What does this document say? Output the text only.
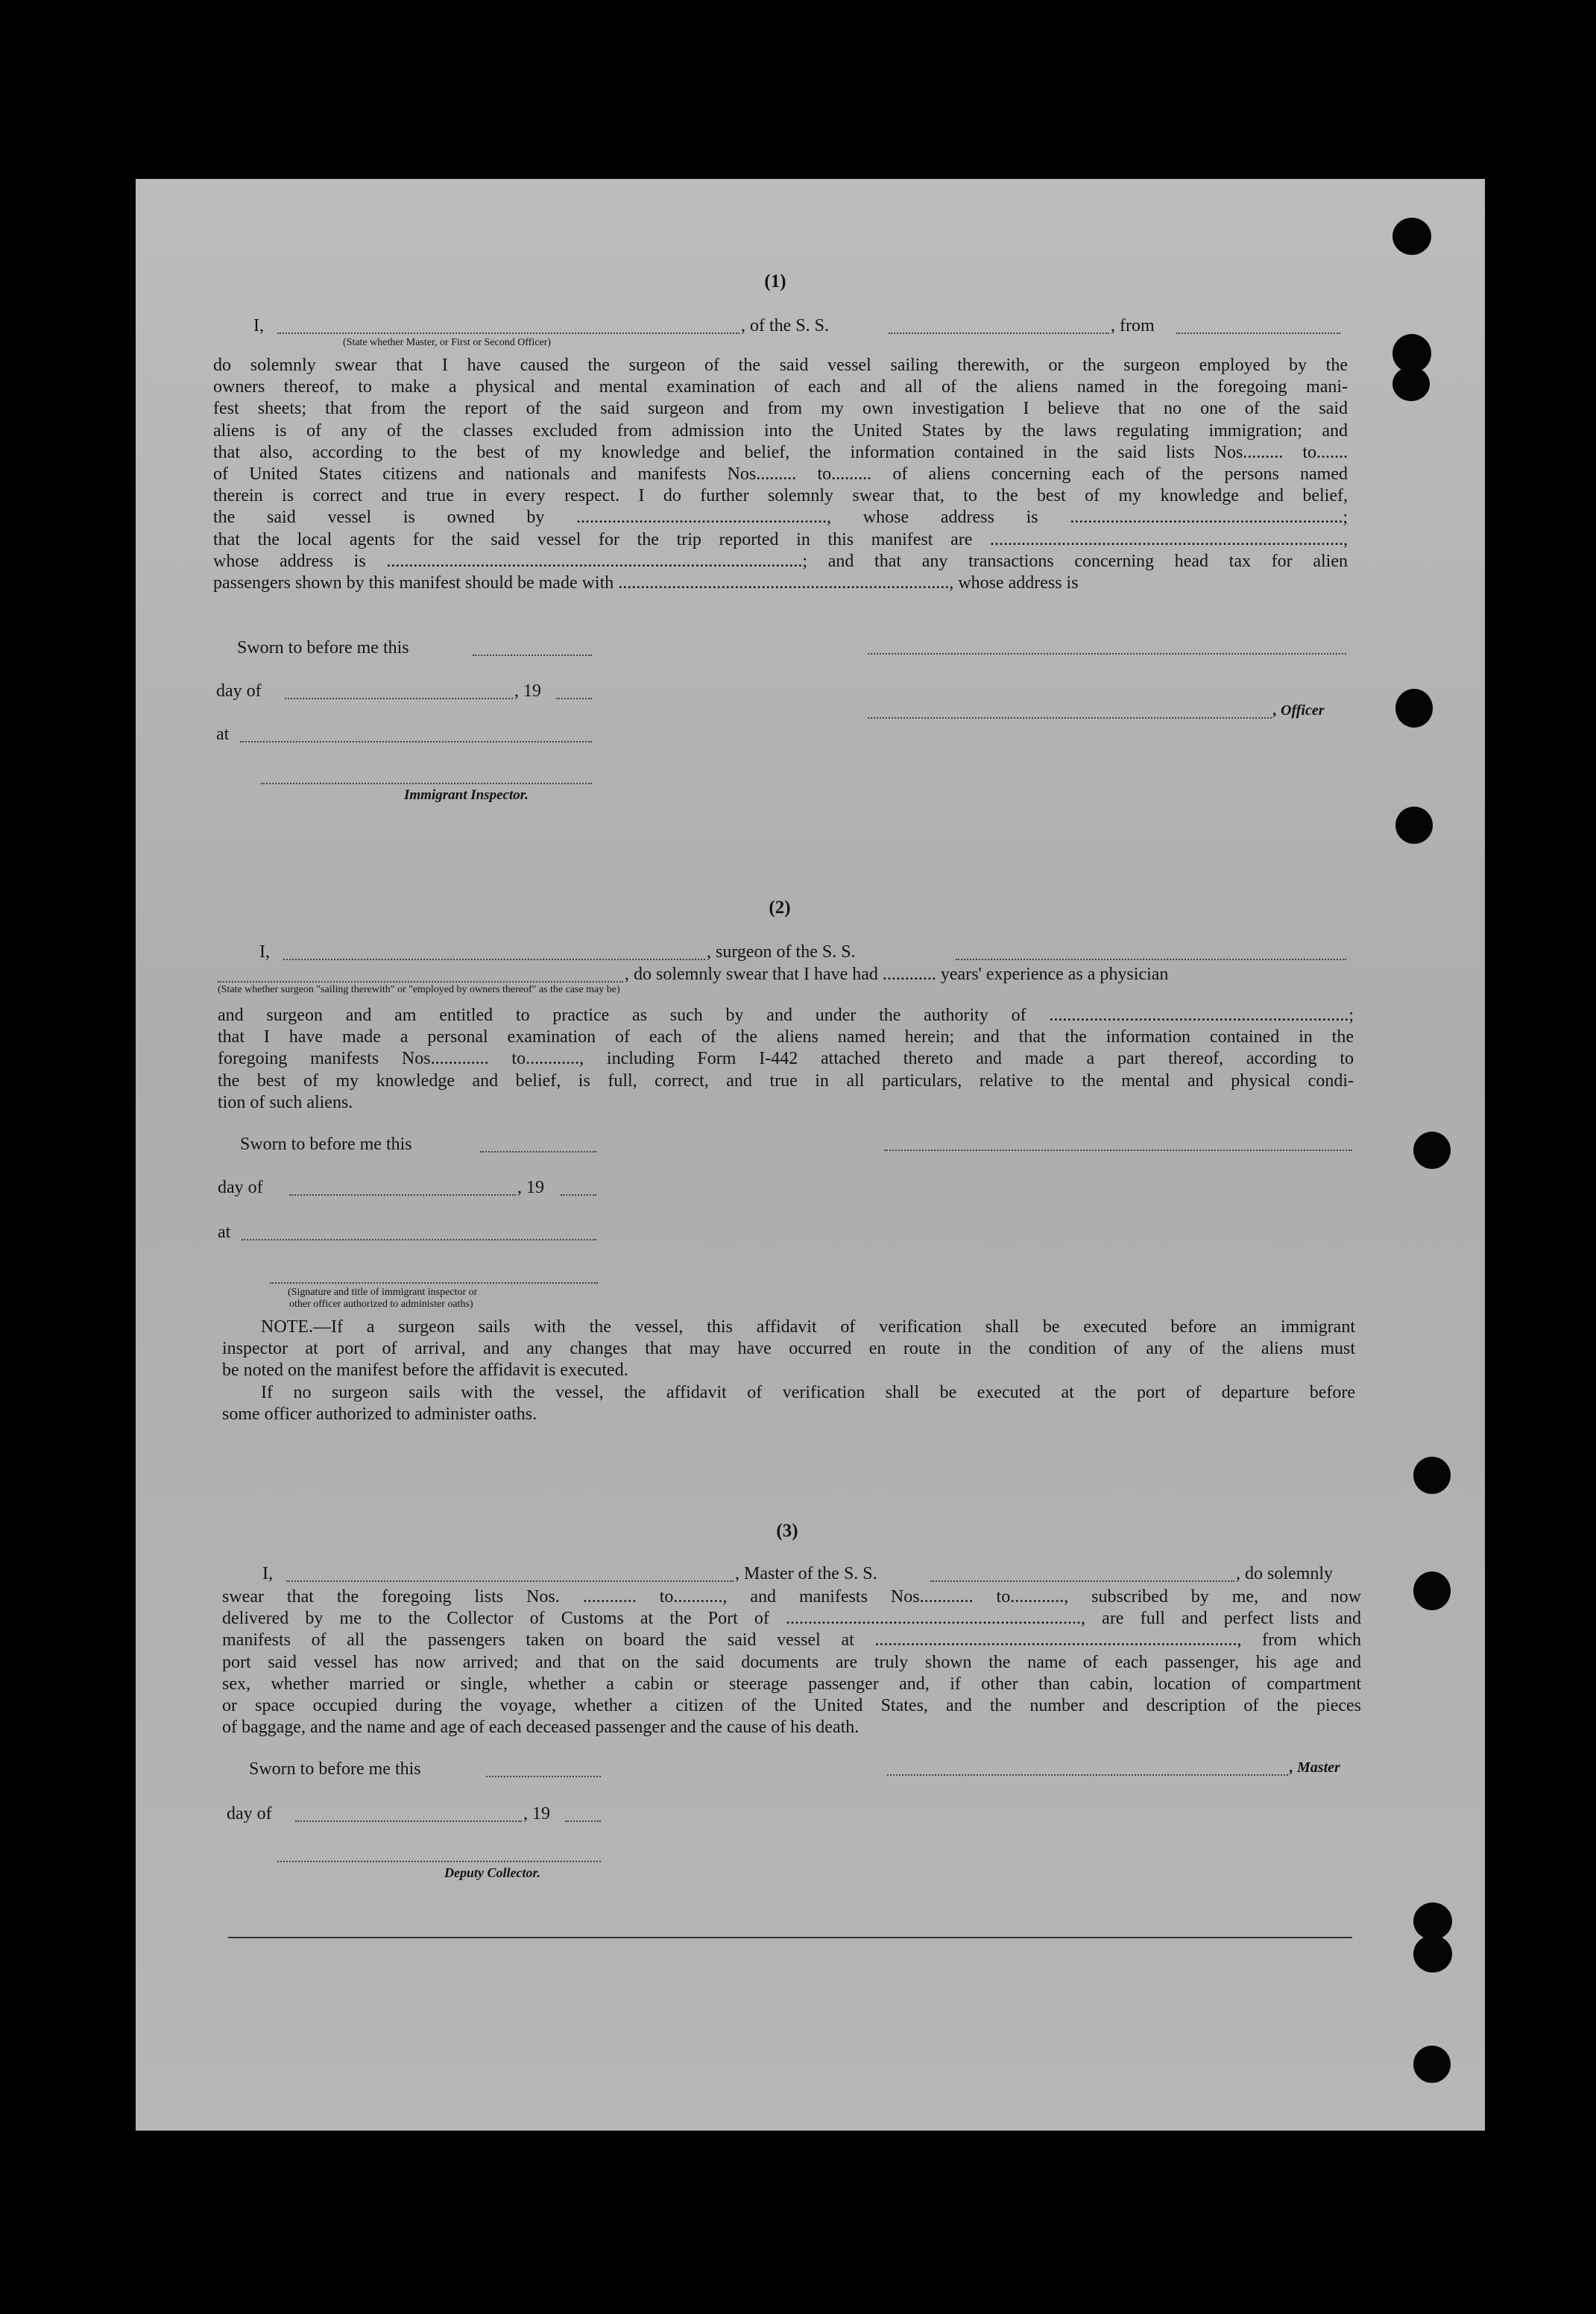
(1)
I,	, of the S. S.	, from
(State whether Master, or First or Second Officer)
do solemnly swear that I have caused the surgeon of the said vessel sailing therewith, or the surgeon employed by the
owners thereof, to make a physical and mental examination of each and all of the aliens named in the foregoing mani-
fest sheets; that from the report of the said surgeon and from my own investigation I believe that no one of the said
aliens is of any of the classes excluded from admission into the United States by the laws regulating immigration; and
that also, according to the best of my knowledge and belief, the information contained in the said lists Nos......... to.......
of United States citizens and nationals and manifests Nos......... to......... of aliens concerning each of the persons named
therein is correct and true in every respect. I do further solemnly swear that, to the best of my knowledge and belief,
the said vessel is owned by ........................................................, whose address is .............................................................;
that the local agents for the said vessel for the trip reported in this manifest are ...............................................................................,
whose address is .............................................................................................; and that any transactions concerning head tax for alien
passengers shown by this manifest should be made with .........................................................................., whose address is
Sworn to before me this
day of	, 19
, Officer
at
Immigrant Inspector.
(2)
I,	, surgeon of the S. S.
, do solemnly swear that I have had ............ years' experience as a physician
(State whether surgeon "sailing therewith" or "employed by owners thereof" as the case may be)
and surgeon and am entitled to practice as such by and under the authority of ...................................................................;
that I have made a personal examination of each of the aliens named herein; and that the information contained in the
foregoing manifests Nos............. to............, including Form I-442 attached thereto and made a part thereof, according to
the best of my knowledge and belief, is full, correct, and true in all particulars, relative to the mental and physical condi-
tion of such aliens.
Sworn to before me this
day of	, 19
at
(Signature and title of immigrant inspector or
other officer authorized to administer oaths)
NOTE.—If a surgeon sails with the vessel, this affidavit of verification shall be executed before an immigrant
inspector at port of arrival, and any changes that may have occurred en route in the condition of any of the aliens must
be noted on the manifest before the affidavit is executed.
If no surgeon sails with the vessel, the affidavit of verification shall be executed at the port of departure before
some officer authorized to administer oaths.
(3)
I,	, Master of the S. S.	, do solemnly
swear that the foregoing lists Nos. ............ to..........., and manifests Nos............ to............, subscribed by me, and now
delivered by me to the Collector of Customs at the Port of .................................................................., are full and perfect lists and
manifests of all the passengers taken on board the said vessel at ................................................................................., from which
port said vessel has now arrived; and that on the said documents are truly shown the name of each passenger, his age and
sex, whether married or single, whether a cabin or steerage passenger and, if other than cabin, location of compartment
or space occupied during the voyage, whether a citizen of the United States, and the number and description of the pieces
of baggage, and the name and age of each deceased passenger and the cause of his death.
Sworn to before me this	, Master
day of	, 19
Deputy Collector.
